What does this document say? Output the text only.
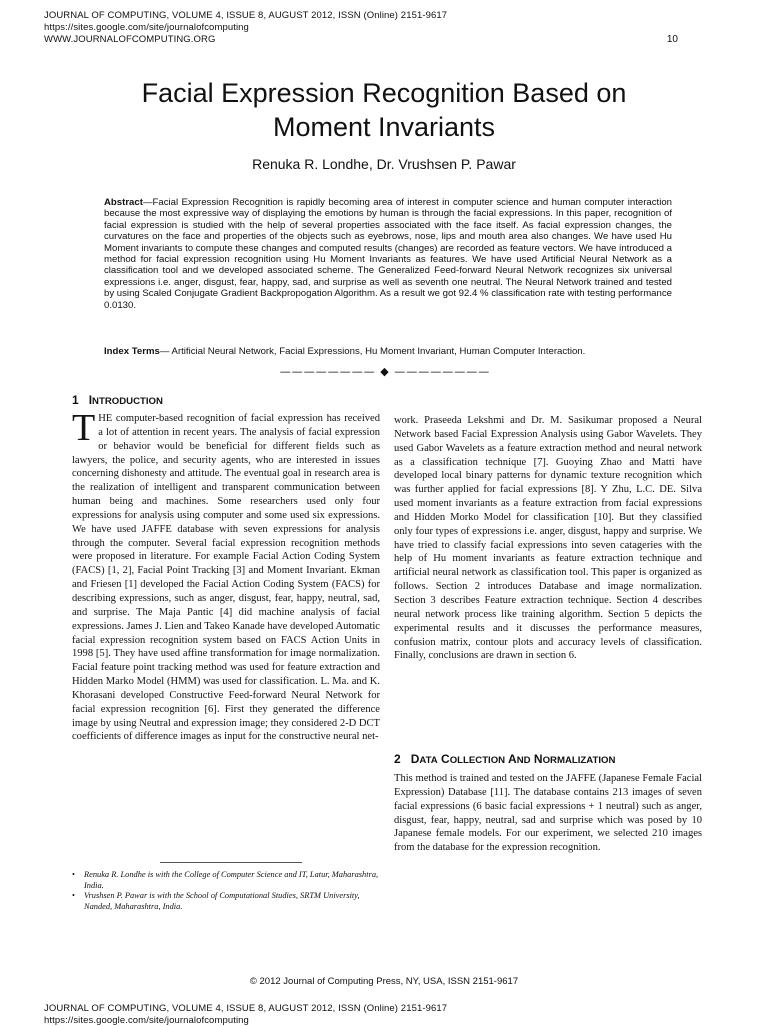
JOURNAL OF COMPUTING, VOLUME 4, ISSUE 8, AUGUST 2012, ISSN (Online) 2151-9617
https://sites.google.com/site/journalofcomputing
WWW.JOURNALOFCOMPUTING.ORG	10
Facial Expression Recognition Based on
Moment Invariants
Renuka R. Londhe, Dr. Vrushsen P. Pawar
Abstract—Facial Expression Recognition is rapidly becoming area of interest in computer science and human computer interaction because the most expressive way of displaying the emotions by human is through the facial expressions. In this paper, recognition of facial expression is studied with the help of several properties associated with the face itself. As facial expression changes, the curvatures on the face and properties of the objects such as eyebrows, nose, lips and mouth area also changes. We have used Hu Moment invariants to compute these changes and computed results (changes) are recorded as feature vectors. We have introduced a method for facial expression recognition using Hu Moment Invariants as features. We have used Artificial Neural Network as a classification tool and we developed associated scheme. The Generalized Feed-forward Neural Network recognizes six universal expressions i.e. anger, disgust, fear, happy, sad, and surprise as well as seventh one neutral. The Neural Network trained and tested by using Scaled Conjugate Gradient Backpropogation Algorithm. As a result we got 92.4 % classification rate with testing performance 0.0130.
Index Terms— Artificial Neural Network, Facial Expressions, Hu Moment Invariant, Human Computer Interaction.
———————— ◆ ————————
1 INTRODUCTION
THE computer-based recognition of facial expression has received a lot of attention in recent years. The analysis of facial expression or behavior would be beneficial for different fields such as lawyers, the police, and security agents, who are interested in issues concerning dishonesty and attitude. The eventual goal in research area is the realization of intelligent and transparent communication between human being and machines. Some researchers used only four expressions for analysis using computer and some used six expressions. We have used JAFFE database with seven expressions for analysis through the computer. Several facial expression recognition methods were proposed in literature. For example Facial Action Coding System (FACS) [1, 2], Facial Point Tracking [3] and Moment Invariant. Ekman and Friesen [1] developed the Facial Action Coding System (FACS) for describing expressions, such as anger, disgust, fear, happy, neutral, sad, and surprise. The Maja Pantic [4] did machine analysis of facial expressions. James J. Lien and Takeo Kanade have developed Automatic facial expression recognition system based on FACS Action Units in 1998 [5]. They have used affine transformation for image normalization. Facial feature point tracking method was used for feature extraction and Hidden Marko Model (HMM) was used for classification. L. Ma. and K. Khorasani developed Constructive Feed-forward Neural Network for facial expression recognition [6]. First they generated the difference image by using Neutral and expression image; they considered 2-D DCT coefficients of difference images as input for the constructive neural net-
work. Praseeda Lekshmi and Dr. M. Sasikumar proposed a Neural Network based Facial Expression Analysis using Gabor Wavelets. They used Gabor Wavelets as a feature extraction method and neural network as a classification technique [7]. Guoying Zhao and Matti have developed local binary patterns for dynamic texture recognition which was further applied for facial expressions [8]. Y Zhu, L.C. DE. Silva used moment invariants as a feature extraction from facial expressions and Hidden Morko Model for classification [10]. But they classified only four types of expressions i.e. anger, disgust, happy and surprise. We have tried to classify facial expressions into seven catageries with the help of Hu moment invariants as feature extraction technique and artificial neural network as classification tool. This paper is organized as follows. Section 2 introduces Database and image normalization. Section 3 describes Feature extraction technique. Section 4 describes neural network process like training algorithm. Section 5 depicts the experimental results and it discusses the performance measures, confusion matrix, contour plots and accuracy levels of classification. Finally, conclusions are drawn in section 6.
2 DATA COLLECTION AND NORMALIZATION
This method is trained and tested on the JAFFE (Japanese Female Facial Expression) Database [11]. The database contains 213 images of seven facial expressions (6 basic facial expressions + 1 neutral) such as anger, disgust, fear, happy, neutral, sad and surprise which was posed by 10 Japanese female models. For our experiment, we selected 210 images from the database for the expression recognition.
• Renuka R. Londhe is with the College of Computer Science and IT, Latur, Maharashtra, India.
• Vrushsen P. Pawar is with the School of Computational Studies, SRTM University, Nanded, Maharashtra, India.
© 2012 Journal of Computing Press, NY, USA, ISSN 2151-9617
JOURNAL OF COMPUTING, VOLUME 4, ISSUE 8, AUGUST 2012, ISSN (Online) 2151-9617
https://sites.google.com/site/journalofcomputing
